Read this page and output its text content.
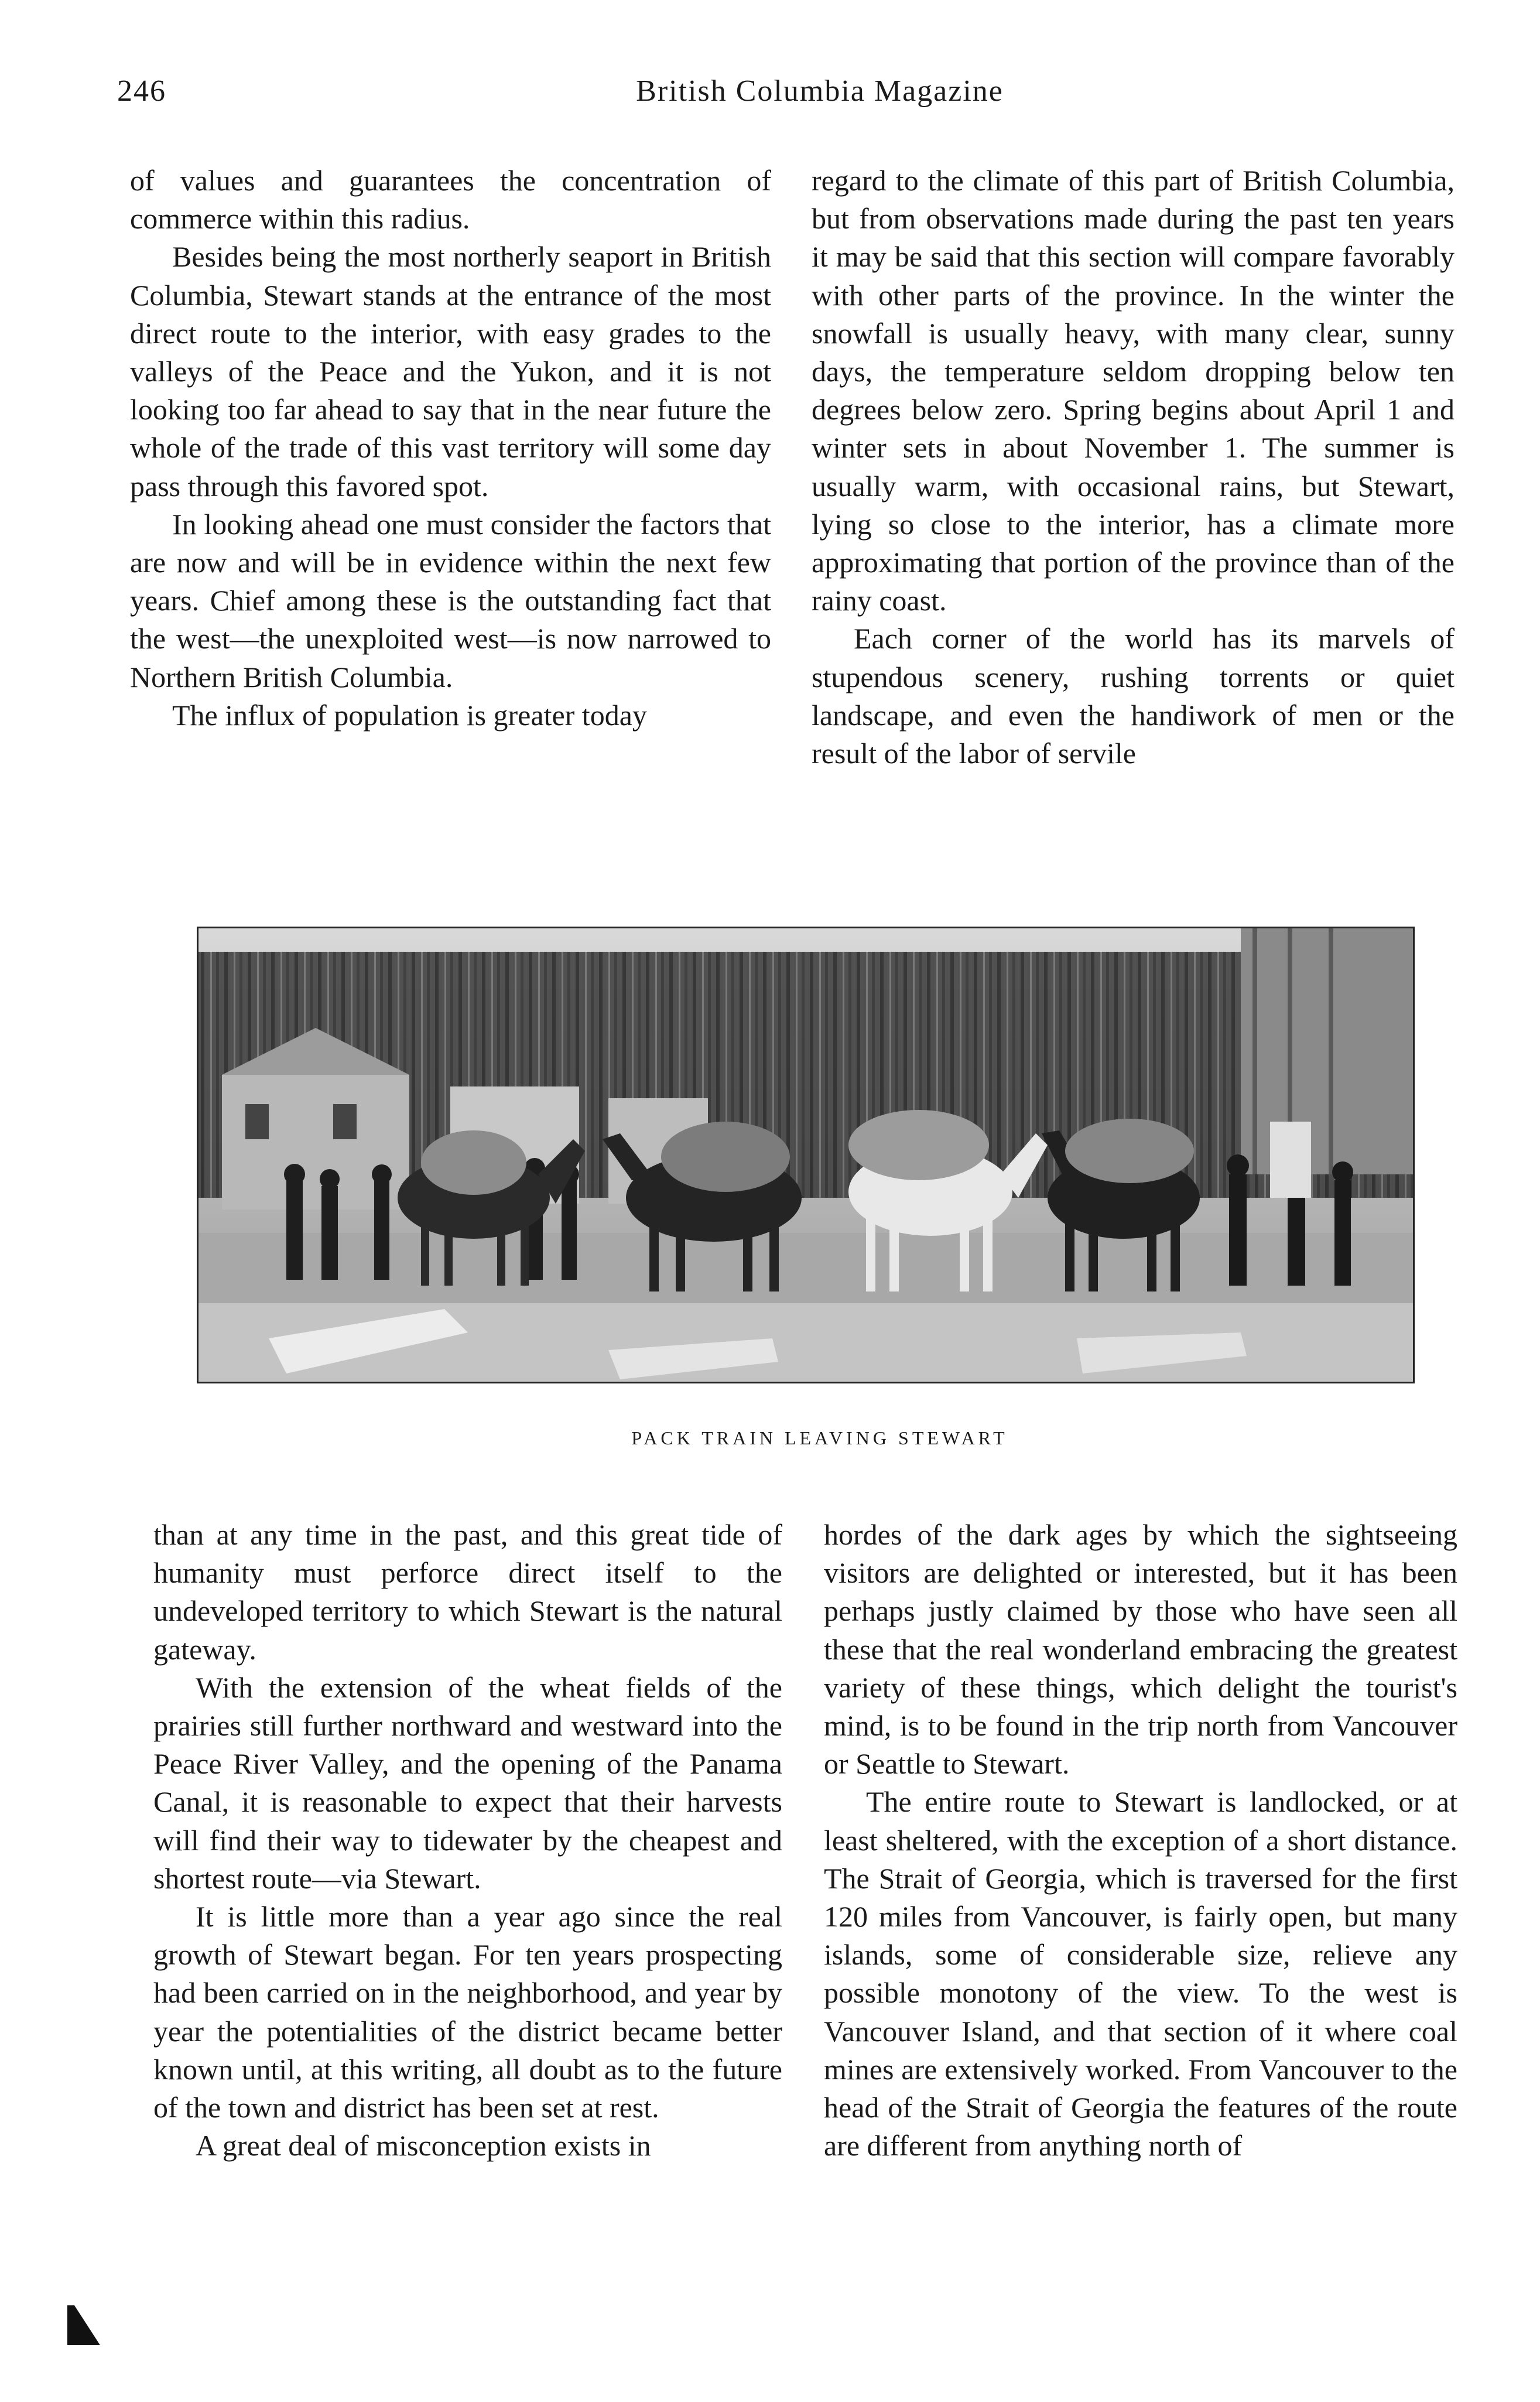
246	British Columbia Magazine

of values and guarantees the concentration of commerce within this radius.

Besides being the most northerly seaport in British Columbia, Stewart stands at the entrance of the most direct route to the interior, with easy grades to the valleys of the Peace and the Yukon, and it is not looking too far ahead to say that in the near future the whole of the trade of this vast territory will some day pass through this favored spot.

In looking ahead one must consider the factors that are now and will be in evidence within the next few years. Chief among these is the outstanding fact that the west—the unexploited west—is now narrowed to Northern British Columbia.

The influx of population is greater today

regard to the climate of this part of British Columbia, but from observations made during the past ten years it may be said that this section will compare favorably with other parts of the province. In the winter the snowfall is usually heavy, with many clear, sunny days, the temperature seldom dropping below ten degrees below zero. Spring begins about April 1 and winter sets in about November 1. The summer is usually warm, with occasional rains, but Stewart, lying so close to the interior, has a climate more approximating that portion of the province than of the rainy coast.

Each corner of the world has its marvels of stupendous scenery, rushing torrents or quiet landscape, and even the handiwork of men or the result of the labor of servile

PACK TRAIN LEAVING STEWART

than at any time in the past, and this great tide of humanity must perforce direct itself to the undeveloped territory to which Stewart is the natural gateway.

With the extension of the wheat fields of the prairies still further northward and westward into the Peace River Valley, and the opening of the Panama Canal, it is reasonable to expect that their harvests will find their way to tidewater by the cheapest and shortest route—via Stewart.

It is little more than a year ago since the real growth of Stewart began. For ten years prospecting had been carried on in the neighborhood, and year by year the potentialities of the district became better known until, at this writing, all doubt as to the future of the town and district has been set at rest.

A great deal of misconception exists in

hordes of the dark ages by which the sightseeing visitors are delighted or interested, but it has been perhaps justly claimed by those who have seen all these that the real wonderland embracing the greatest variety of these things, which delight the tourist's mind, is to be found in the trip north from Vancouver or Seattle to Stewart.

The entire route to Stewart is landlocked, or at least sheltered, with the exception of a short distance. The Strait of Georgia, which is traversed for the first 120 miles from Vancouver, is fairly open, but many islands, some of considerable size, relieve any possible monotony of the view. To the west is Vancouver Island, and that section of it where coal mines are extensively worked. From Vancouver to the head of the Strait of Georgia the features of the route are different from anything north of
